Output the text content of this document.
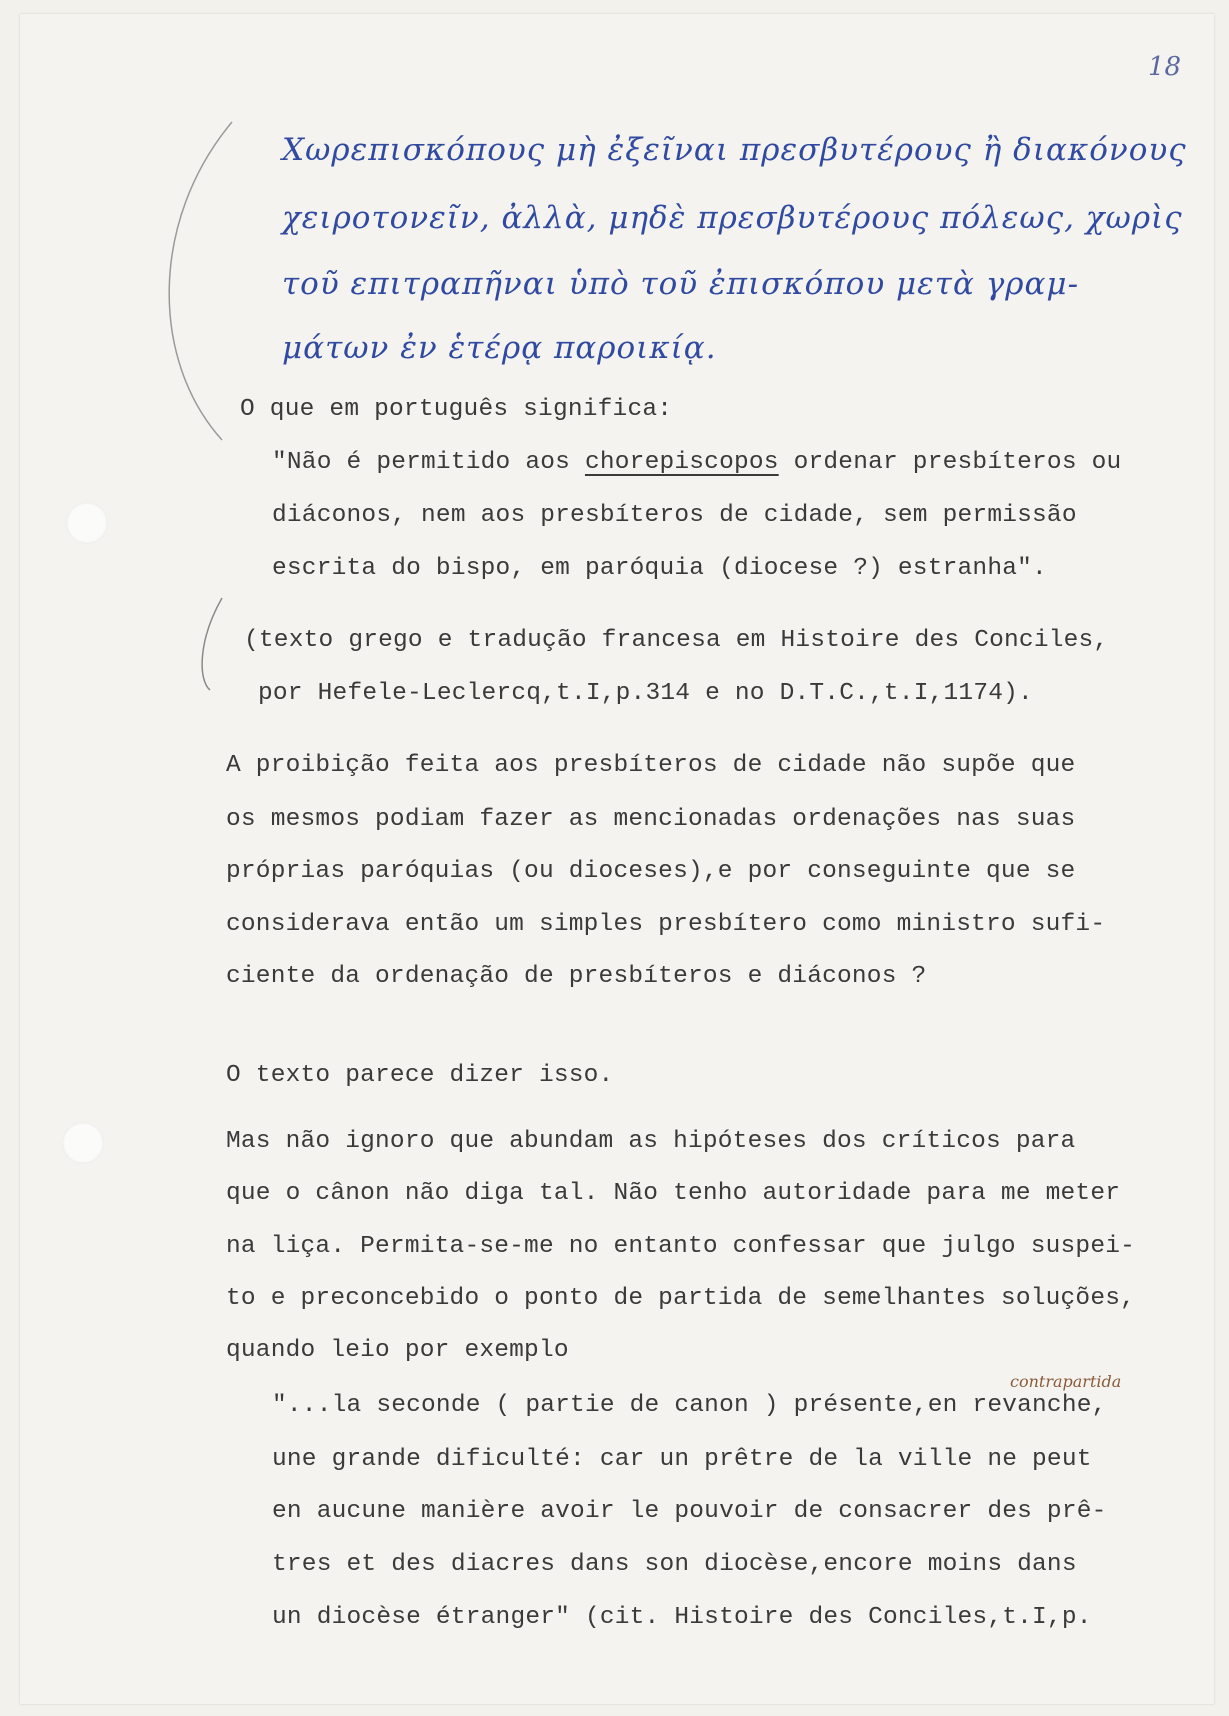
18
Χωρεπισκόπους μὴ ἐξεῖναι πρεσβυτέρους ἢ διακόνους
χειροτονεῖν, ἀλλὰ, μηδὲ πρεσβυτέρους πόλεως, χωρὶς
τοῦ επιτραπῆναι ὑπὸ τοῦ ἐπισκόπου μετὰ γραμ-
μάτων ἐν ἑτέρᾳ παροικίᾳ.
O que em português significa:
"Não é permitido aos chorepiscopos ordenar presbíteros ou
diáconos, nem aos presbíteros de cidade, sem permissão
escrita do bispo, em paróquia (diocese ?) estranha".
(texto grego e tradução francesa em Histoire des Conciles,
por Hefele-Leclercq,t.I,p.314 e no D.T.C.,t.I,1174).
A proibição feita aos presbíteros de cidade não supõe que
os mesmos podiam fazer as mencionadas ordenações nas suas
próprias paróquias (ou dioceses),e por conseguinte que se
considerava então um simples presbítero como ministro sufi-
ciente da ordenação de presbíteros e diáconos ?
O texto parece dizer isso.
Mas não ignoro que abundam as hipóteses dos críticos para
que o cânon não diga tal. Não tenho autoridade para me meter
na liça. Permita-se-me no entanto confessar que julgo suspei-
to e preconcebido o ponto de partida de semelhantes soluções,
quando leio por exemplo
contrapartida
"...la seconde ( partie de canon ) présente,en revanche,
une grande dificulté: car un prêtre de la ville ne peut
en aucune manière avoir le pouvoir de consacrer des prê-
tres et des diacres dans son diocèse,encore moins dans
un diocèse étranger" (cit. Histoire des Conciles,t.I,p.
